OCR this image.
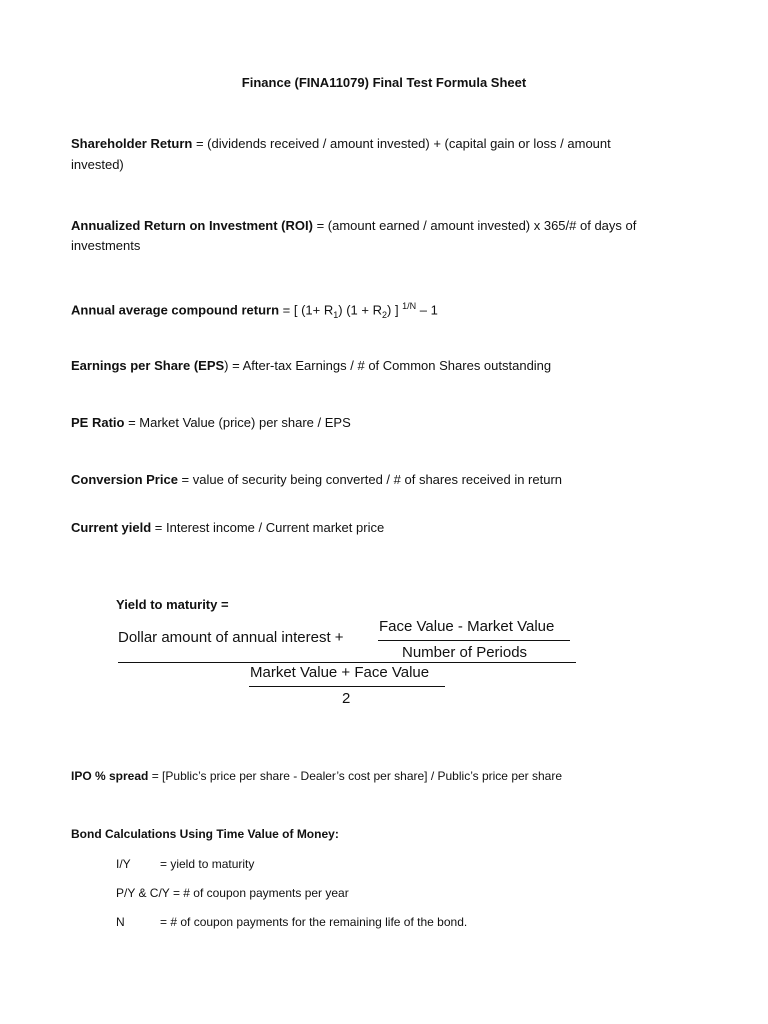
Finance (FINA11079) Final Test Formula Sheet
Shareholder Return = (dividends received / amount invested) + (capital gain or loss / amount
invested)
Annualized Return on Investment (ROI) = (amount earned / amount invested) x 365/# of days of
investments
Annual average compound return = [ $(1+ R_1)$ $(1 + R_2)$ ] $^{1/N}$ – 1
Earnings per Share (EPS) = After-tax Earnings / # of Common Shares outstanding
PE Ratio = Market Value (price) per share / EPS
Conversion Price = value of security being converted / # of shares received in return
Current yield = Interest income / Current market price
Yield to maturity =
Dollar amount of annual interest +
Face Value - Market Value
Number of Periods
Market Value + Face Value
2
IPO % spread = [Public’s price per share - Dealer’s cost per share] / Public’s price per share
Bond Calculations Using Time Value of Money:
I/Y = yield to maturity
P/Y & C/Y = # of coupon payments per year
N	= # of coupon payments for the remaining life of the bond.
